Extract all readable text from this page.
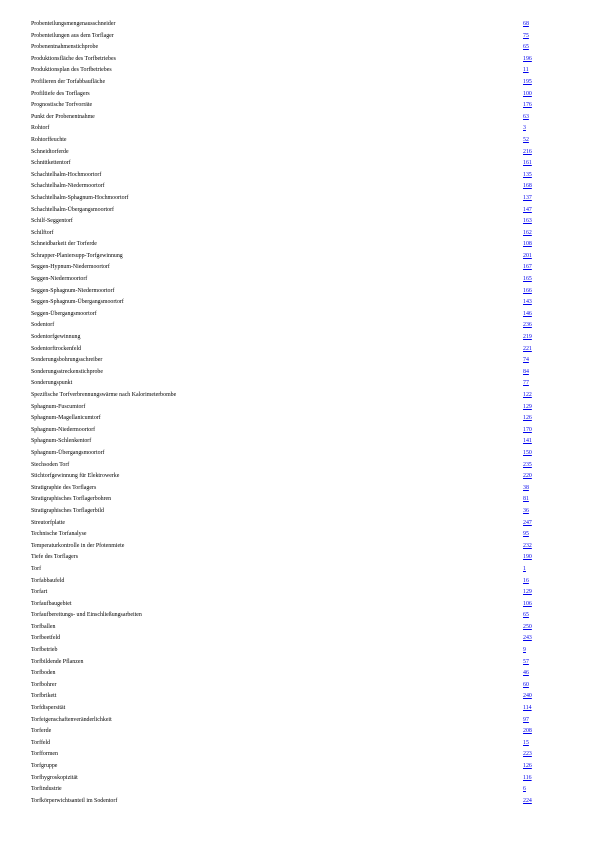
Probenteilungsmengenausschneider	68
Probenteilungen aus dem Torflager	75
Probenentnahmenstichprobe	65
Produktionsfläche des Torfbetriebes	196
Produktionsplan des Torfbetriebes	11
Profilieren der Torfabbaufläche	195
Profiltiefe des Torflagers	100
Prognostische Torfvorräte	176
Punkt der Probenentnahme	63
Rohtorf	3
Rohtorffeuchte	52
Schneidtorferde	216
Schnittkettentorf	161
Schachtelhalm-Hochmoortorf	135
Schachtelhalm-Niedermoortorf	168
Schachtelhalm-Sphagnum-Hochmoortorf	137
Schachtelhalm-Übergangsmoortorf	147
Schilf-Seggentorf	163
Schilftorf	162
Schneidbarkeit der Torferde	108
Schrapper-Planiersupp-Torfgewinnung	201
Seggen-Hypnum-Niedermoortorf	167
Seggen-Niedermoortorf	165
Seggen-Sphagnum-Niedermoortorf	166
Seggen-Sphagnum-Übergangsmoortorf	143
Seggen-Übergangsmoortorf	146
Sodentorf	236
Sodentorfgewinnung	219
Sodentorftrockenfeld	221
Sonderungsbohrungsschreiber	74
Sonderungsstreckenstichprobe	84
Sonderungspunkt	77
Spezifische Torfverbrennungswärme nach Kalorimeterbombe	122
Sphagnum-Fuscumtorf	129
Sphagnum-Magellanicumtorf	126
Sphagnum-Niedermoortorf	170
Sphagnum-Schlenkentorf	141
Sphagnum-Übergangsmoortorf	150
Stechsoden Torf	235
Stichtorfgewinnung für Elektrowerke	220
Stratigraphie des Torflagers	38
Stratigraphisches Torflagerbohren	81
Stratigraphisches Torflagerbild	36
Streutorfplatte	247
Technische Torfanalyse	95
Temperaturkontrolle in der Pfotenmiete	232
Tiefe des Torflagers	190
Torf	1
Torfabbaufeld	16
Torfart	129
Torfaufbaugebiet	106
Torfaufbereitungs- und Einschließungsarbeiten	65
Torfballen	250
Torfbeetfeld	243
Torfbetrieb	9
Torfbildende Pflanzen	57
Torfboden	46
Torfbohrer	60
Torfbrikett	240
Torfdispersität	114
Torfeigenschaftenveränderlichkeit	97
Torferde	208
Torffeld	15
Torfformen	223
Torfgruppe	126
Torfhygroskopizität	116
Torfindustrie	6
Torfkörperwichtsanteil im Sodentorf	224
